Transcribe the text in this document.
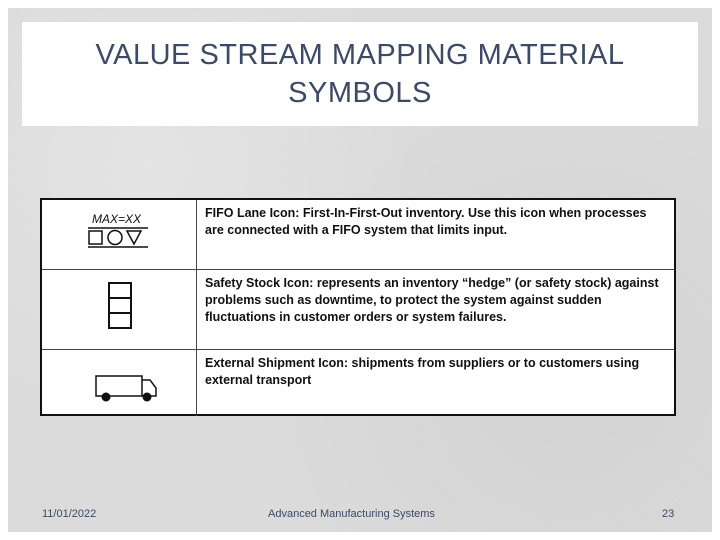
VALUE STREAM MAPPING MATERIAL SYMBOLS
MAX=XX	FIFO Lane Icon: First-In-First-Out inventory. Use this icon when processes are connected with a FIFO system that limits input.
Safety Stock Icon: represents an inventory “hedge” (or safety stock) against problems such as downtime, to protect the system against sudden fluctuations in customer orders or system failures.
External Shipment Icon: shipments from suppliers or to customers using external transport
11/01/2022	Advanced Manufacturing Systems	23
